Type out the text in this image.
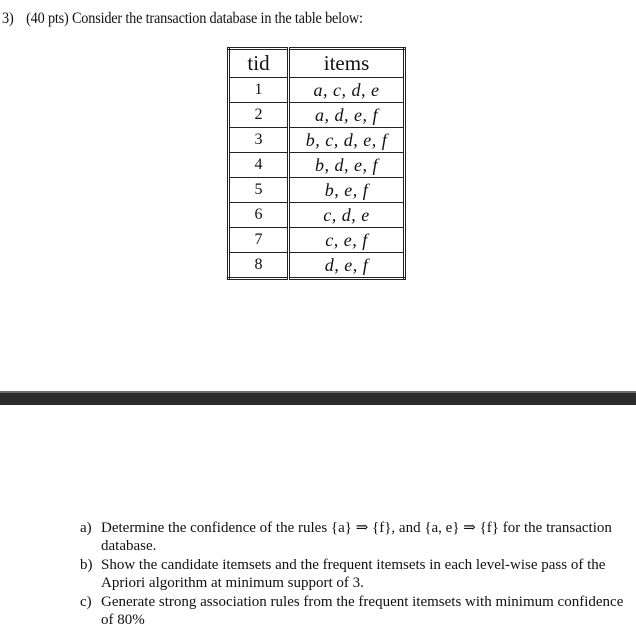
3) (40 pts) Consider the transaction database in the table below:
tid	items
1	a, c, d, e
2	a, d, e, f
3	b, c, d, e, f
4	b, d, e, f
5	b, e, f
6	c, d, e
7	c, e, f
8	d, e, f
a) Determine the confidence of the rules {a} ⇒ {f}, and {a, e} ⇒ {f} for the transaction database.
b) Show the candidate itemsets and the frequent itemsets in each level-wise pass of the Apriori algorithm at minimum support of 3.
c) Generate strong association rules from the frequent itemsets with minimum confidence of 80%
